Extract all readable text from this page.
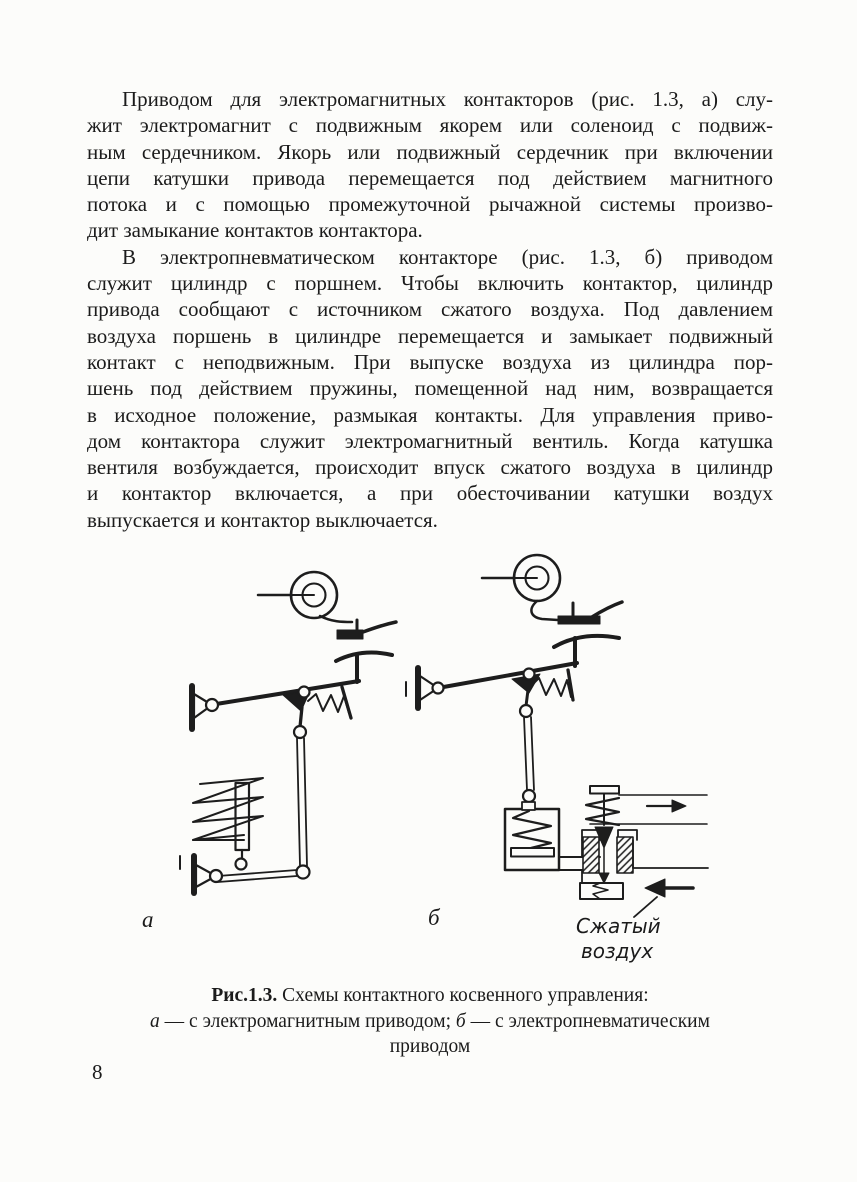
Приводом для электромагнитных контакторов (рис. 1.3, а) слу-
жит электромагнит с подвижным якорем или соленоид с подвиж-
ным сердечником. Якорь или подвижный сердечник при включении
цепи катушки привода перемещается под действием магнитного
потока и с помощью промежуточной рычажной системы произво-
дит замыкание контактов контактора.
В электропневматическом контакторе (рис. 1.3, б) приводом
служит цилиндр с поршнем. Чтобы включить контактор, цилиндр
привода сообщают с источником сжатого воздуха. Под давлением
воздуха поршень в цилиндре перемещается и замыкает подвижный
контакт с неподвижным. При выпуске воздуха из цилиндра пор-
шень под действием пружины, помещенной над ним, возвращается
в исходное положение, размыкая контакты. Для управления приво-
дом контактора служит электромагнитный вентиль. Когда катушка
вентиля возбуждается, происходит впуск сжатого воздуха в цилиндр
и контактор включается, а при обесточивании катушки воздух
выпускается и контактор выключается.
а	б	Сжатый
воздух
Рис.1.3. Схемы контактного косвенного управления:
а — с электромагнитным приводом; б — с электропневматическим
приводом
8
